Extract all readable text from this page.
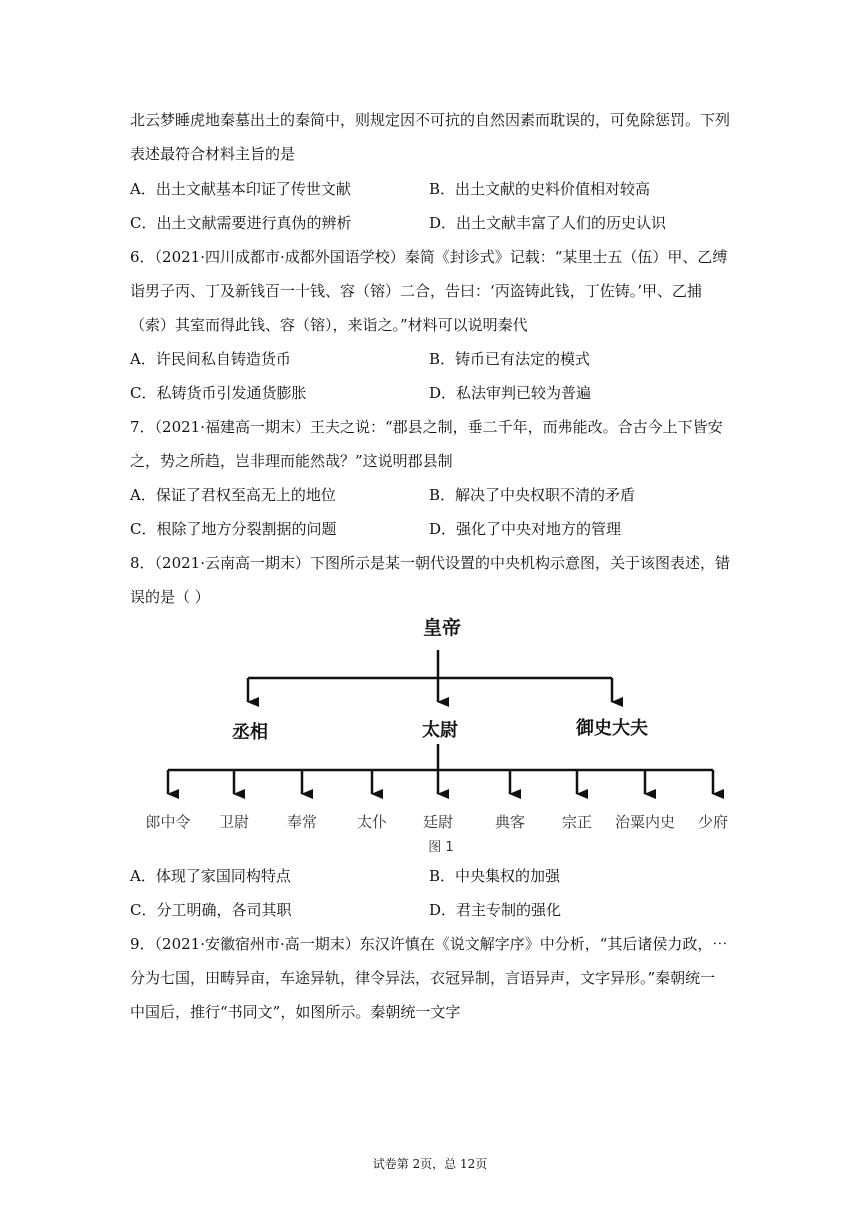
北云梦睡虎地秦墓出土的秦简中，则规定因不可抗的自然因素而耽误的，可免除惩罚。下列
表述最符合材料主旨的是
A．出土文献基本印证了传世文献	B．出土文献的史料价值相对较高
C．出土文献需要进行真伪的辨析	D．出土文献丰富了人们的历史认识
6．（2021·四川成都市·成都外国语学校）秦简《封诊式》记载：“某里士五（伍）甲、乙缚
诣男子丙、丁及新钱百一十钱、容（镕）二合，告曰：‘丙盗铸此钱，丁佐铸。’甲、乙捕
（索）其室而得此钱、容（镕），来诣之。”材料可以说明秦代
A．许民间私自铸造货币	B．铸币已有法定的模式
C．私铸货币引发通货膨胀	D．私法审判已较为普遍
7．（2021·福建高一期末）王夫之说：“郡县之制，垂二千年，而弗能改。合古今上下皆安
之，势之所趋，岂非理而能然哉？”这说明郡县制
A．保证了君权至高无上的地位	B．解决了中央权职不清的矛盾
C．根除了地方分裂割据的问题	D．强化了中央对地方的管理
8．（2021·云南高一期末）下图所示是某一朝代设置的中央机构示意图，关于该图表述，错
误的是（ ）
皇帝
丞相	太尉	御史大夫
郎中令 卫尉	奉常	太仆 廷尉	典客 宗正 治粟内史 少府
图 1
A．体现了家国同构特点	B．中央集权的加强
C．分工明确，各司其职	D．君主专制的强化
9．（2021·安徽宿州市·高一期末）东汉许慎在《说文解字序》中分析，“其后诸侯力政，⋯
分为七国，田畴异亩，车途异轨，律令异法，衣冠异制，言语异声，文字异形。”秦朝统一
中国后，推行“书同文”，如图所示。秦朝统一文字
试卷第 2页，总 12页
